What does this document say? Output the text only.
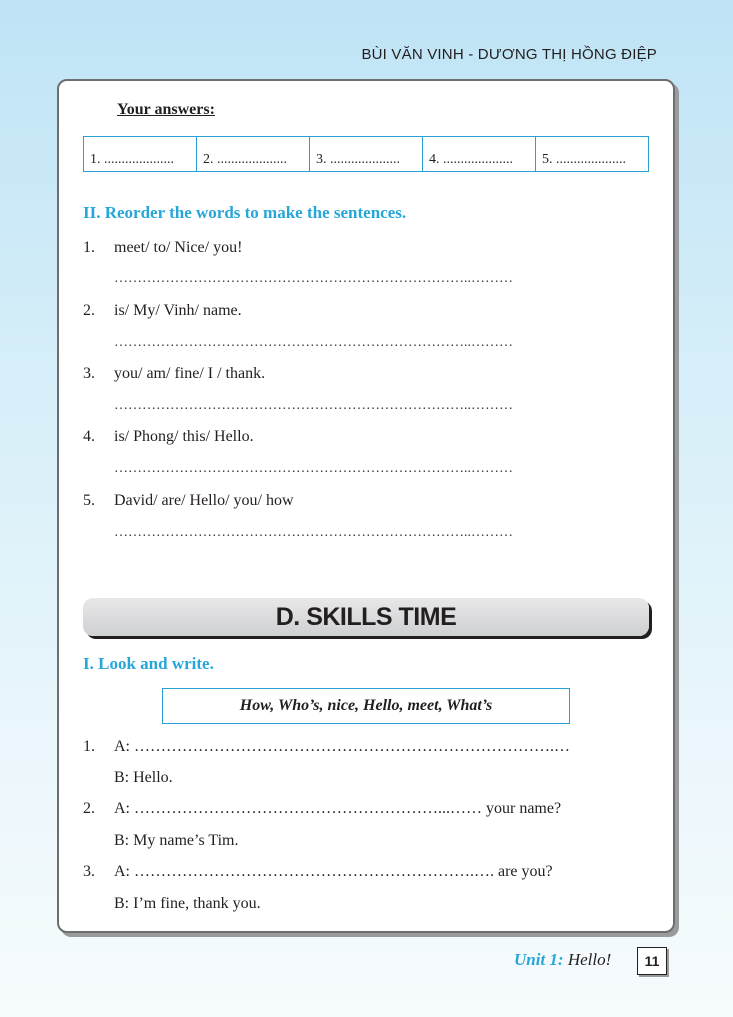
BÙI VĂN VINH - DƯƠNG THỊ HỒNG ĐIỆP
Your answers:
1. ....................	2. ....................	3. ....................	4. ....................	5. ....................
II. Reorder the words to make the sentences.
1.	meet/ to/ Nice/ you!
…………………………………………………………………..………
2.	is/ My/ Vinh/ name.
…………………………………………………………………..………
3.	you/ am/ fine/ I / thank.
…………………………………………………………………..………
4.	is/ Phong/ this/ Hello.
…………………………………………………………………..………
5.	David/ are/ Hello/ you/ how
…………………………………………………………………..………
D. SKILLS TIME
I. Look and write.
How, Who’s, nice, Hello, meet, What’s
1.	A: …………………………………………………………………….…
B: Hello.
2.	A: …………………………………………………...…… your name?
B: My name’s Tim.
3.	A: ……………………………………………………….…. are you?
B: I’m fine, thank you.
Unit 1: Hello!	11
